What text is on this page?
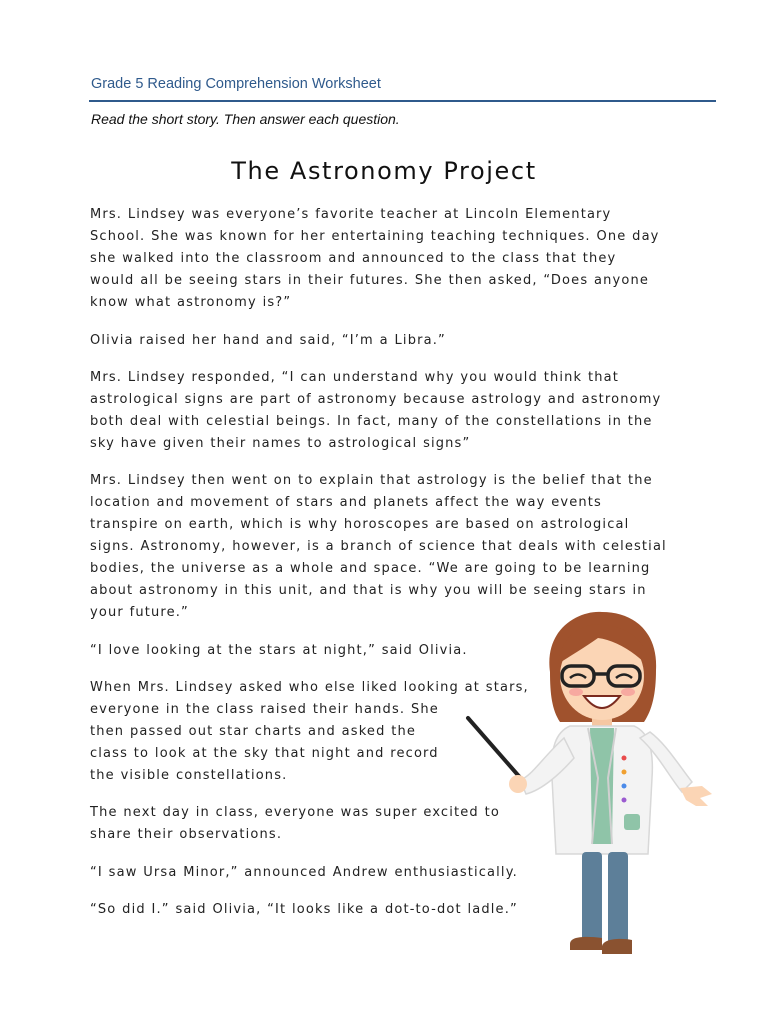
Grade 5 Reading Comprehension Worksheet
Read the short story. Then answer each question.
The Astronomy Project

Mrs. Lindsey was everyone’s favorite teacher at Lincoln Elementary
School. She was known for her entertaining teaching techniques. One day
she walked into the classroom and announced to the class that they
would all be seeing stars in their futures. She then asked, “Does anyone
know what astronomy is?”

Olivia raised her hand and said, “I’m a Libra.”

Mrs. Lindsey responded, “I can understand why you would think that
astrological signs are part of astronomy because astrology and astronomy
both deal with celestial beings. In fact, many of the constellations in the
sky have given their names to astrological signs”

Mrs. Lindsey then went on to explain that astrology is the belief that the
location and movement of stars and planets affect the way events
transpire on earth, which is why horoscopes are based on astrological
signs. Astronomy, however, is a branch of science that deals with celestial
bodies, the universe as a whole and space. “We are going to be learning
about astronomy in this unit, and that is why you will be seeing stars in
your future.”

“I love looking at the stars at night,” said Olivia.

When Mrs. Lindsey asked who else liked looking at stars,
everyone in the class raised their hands. She
then passed out star charts and asked the
class to look at the sky that night and record
the visible constellations.

The next day in class, everyone was super excited to
share their observations.

“I saw Ursa Minor,” announced Andrew enthusiastically.

“So did I.” said Olivia, “It looks like a dot-to-dot ladle.”
